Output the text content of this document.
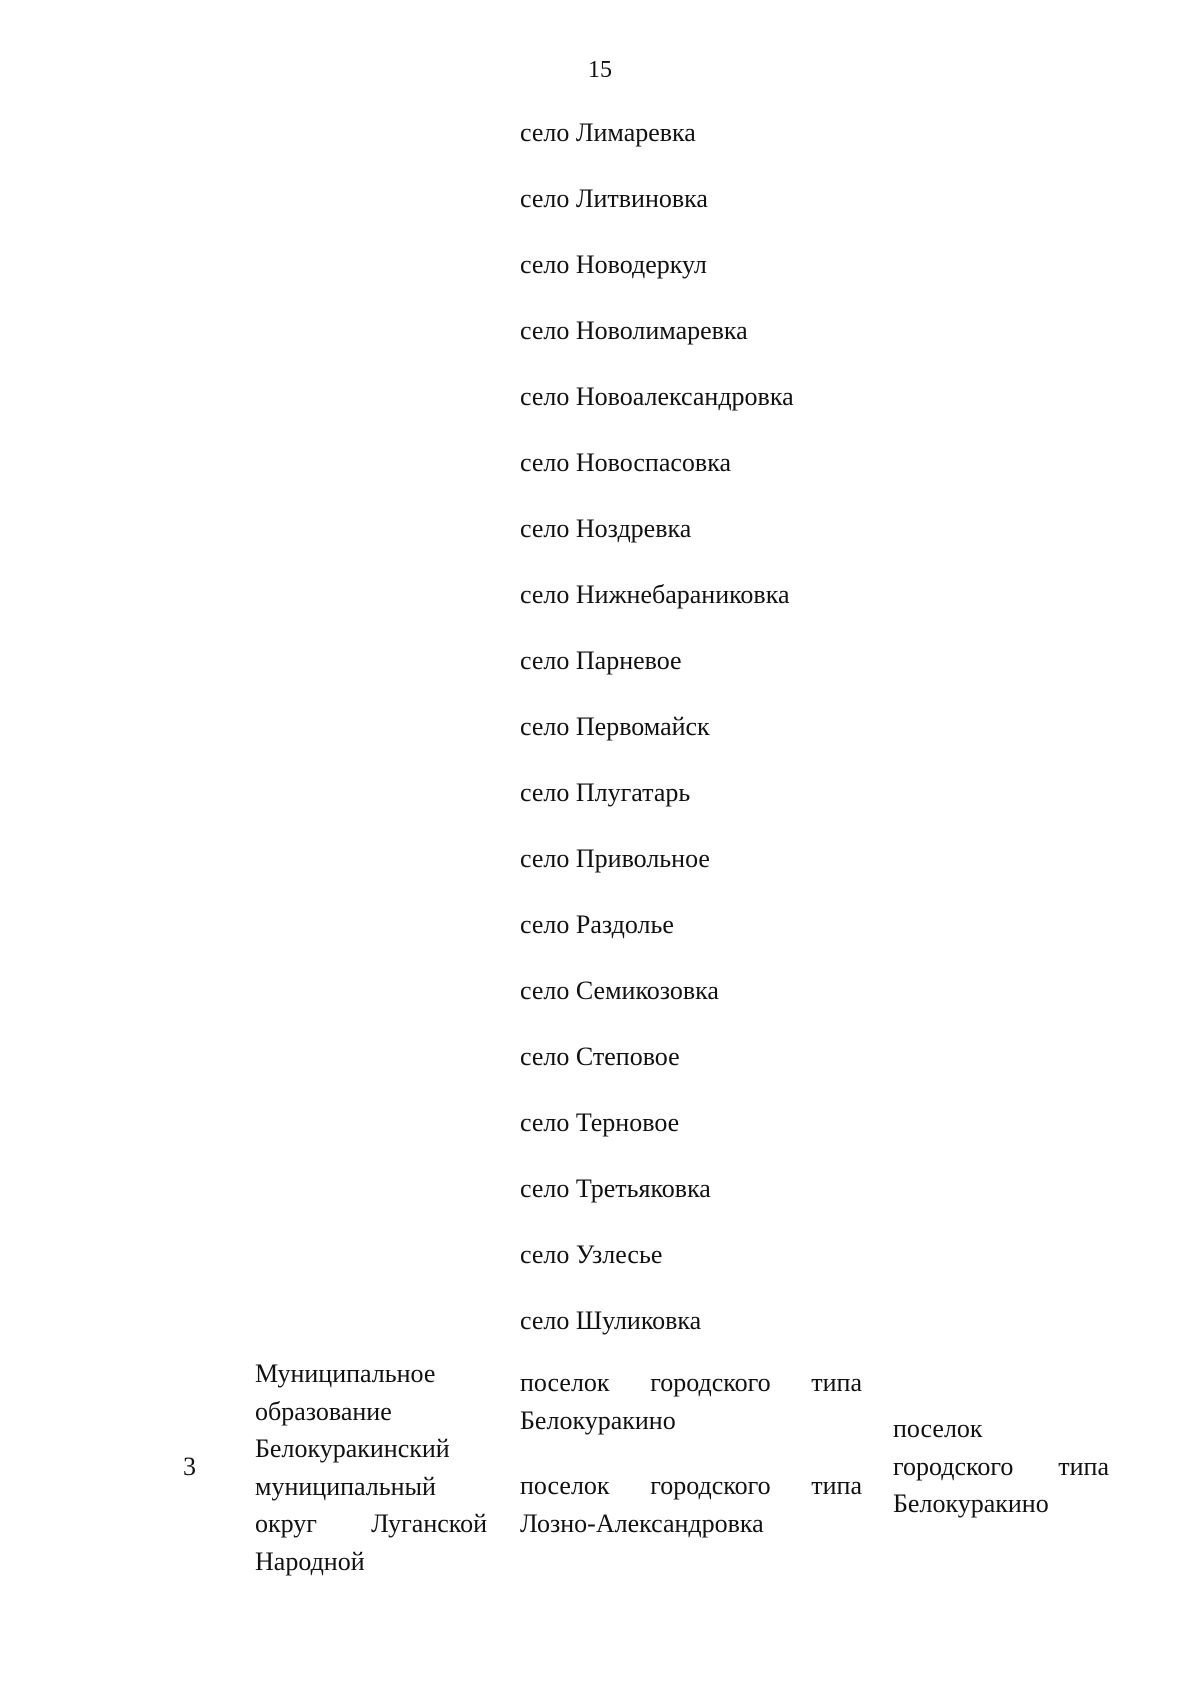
15
село Лимаревка
село Литвиновка
село Новодеркул
село Новолимаревка
село Новоалександровка
село Новоспасовка
село Ноздревка
село Нижнебараниковка
село Парневое
село Первомайск
село Плугатарь
село Привольное
село Раздолье
село Семикозовка
село Степовое
село Терновое
село Третьяковка
село Узлесье
село Шуликовка
3
Муниципальное
образование
Белокуракинский
муниципальный
округ Луганской
Народной
поселок городского типа
Белокуракино
поселок городского типа
Лозно-Александровка
поселок
городского типа
Белокуракино
